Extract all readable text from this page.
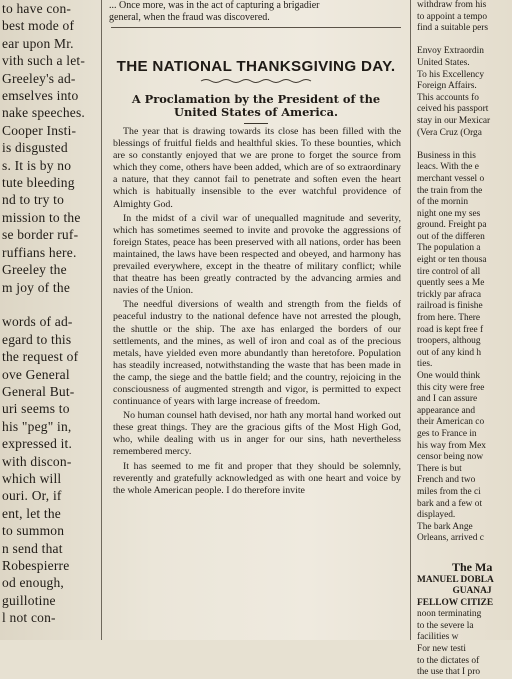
to have con-
best mode of
ear upon Mr.
vith such a let-
Greeley's ad-
emselves into
nake speeches.
Cooper Insti-
is disgusted
s. It is by no
tute bleeding
nd to try to
mission to the
se border ruf-
ruffians here.
Greeley the
m joy of the

words of ad-
egard to this
the request of
ove General
General But-
uri seems to
his "peg" in,
expressed it.
with discon-
which will
ouri. Or, if
ent, let the
to summon
n send that
Robespierre
od enough,
guillotine
l not con-
... Once more, was in the act of capturing a brigadier
general, when the fraud was discovered.
THE NATIONAL THANKSGIVING DAY.
A Proclamation by the President of the
United States of America.

The year that is drawing towards its close has been filled with the blessings of fruitful fields and healthful skies. To these bounties, which are so constantly enjoyed that we are prone to forget the source from which they come, others have been added, which are of so extraordinary a nature, that they cannot fail to penetrate and soften even the heart which is habitually insensible to the ever watchful providence of Almighty God.

In the midst of a civil war of unequalled magnitude and severity, which has sometimes seemed to invite and provoke the aggressions of foreign States, peace has been preserved with all nations, order has been maintained, the laws have been respected and obeyed, and harmony has prevailed everywhere, except in the theatre of military conflict; while that theatre has been greatly contracted by the advancing armies and navies of the Union.

The needful diversions of wealth and strength from the fields of peaceful industry to the national defence have not arrested the plough, the shuttle or the ship. The axe has enlarged the borders of our settlements, and the mines, as well of iron and coal as of the precious metals, have yielded even more abundantly than heretofore. Population has steadily increased, notwithstanding the waste that has been made in the camp, the siege and the battle field; and the country, rejoicing in the consciousness of augmented strength and vigor, is permitted to expect continuance of years with large increase of freedom.

No human counsel hath devised, nor hath any mortal hand worked out these great things. They are the gracious gifts of the Most High God, who, while dealing with us in anger for our sins, hath nevertheless remembered mercy.

It has seemed to me fit and proper that they should be solemnly, reverently and gratefully acknowledged as with one heart and voice by the whole American people. I do therefore invite

withdraw from his
to appoint a tempo
find a suitable pers

Envoy Extraordin
United States.
To his Excellency
Foreign Affairs.
This accounts fo
ceived his passport
stay in our Mexicar
(Vera Cruz (Orga

Business in this
leacs. With the e
merchant vessel o
the train from the
of the mornin
night one my ses
ground. Freight pa
out of the differen
The population a
eight or ten thousa
tire control of all
quently sees a Me
trickly par afraca
railroad is finishe
from here. There
road is kept free f
troopers, althoug
out of any kind h
ties.
One would think
this city were free
and I can assure
appearance and
their American co
ges to France in
his way from Mex
censor being now
There is but
French and two
miles from the ci
bark and a few ot
displayed.
The bark Ange
Orleans, arrived c

The Ma
MANUEL DOBLA
GUANAJ
FELLOW CITIZE
noon terminating
to the severe la
facilities w
For new testi
to the dictates of
the use that I pro
